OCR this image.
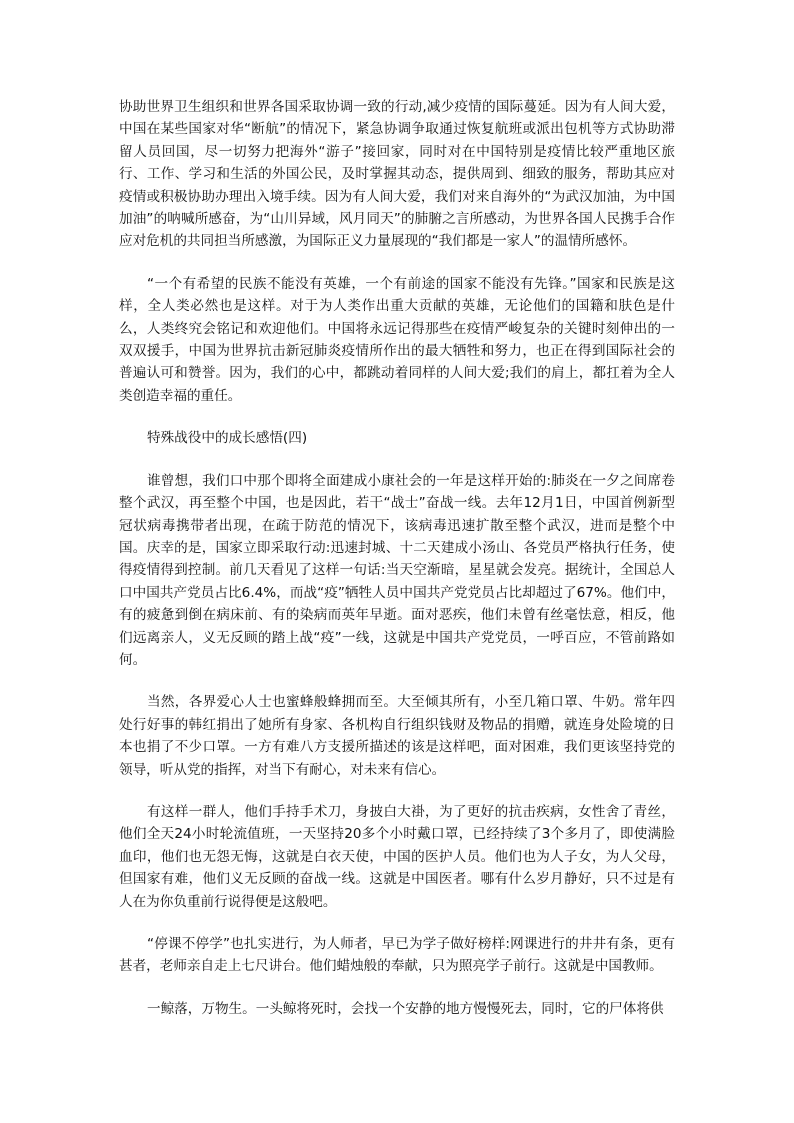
协助世界卫生组织和世界各国采取协调一致的行动,减少疫情的国际蔓延。因为有人间大爱，中国在某些国家对华“断航”的情况下，紧急协调争取通过恢复航班或派出包机等方式协助滞留人员回国，尽一切努力把海外“游子”接回家，同时对在中国特别是疫情比较严重地区旅行、工作、学习和生活的外国公民，及时掌握其动态，提供周到、细致的服务，帮助其应对疫情或积极协助办理出入境手续。因为有人间大爱，我们对来自海外的“为武汉加油，为中国加油”的呐喊所感奋，为“山川异域，风月同天”的肺腑之言所感动，为世界各国人民携手合作应对危机的共同担当所感激，为国际正义力量展现的“我们都是一家人”的温情所感怀。

“一个有希望的民族不能没有英雄，一个有前途的国家不能没有先锋。”国家和民族是这样，全人类必然也是这样。对于为人类作出重大贡献的英雄，无论他们的国籍和肤色是什么，人类终究会铭记和欢迎他们。中国将永远记得那些在疫情严峻复杂的关键时刻伸出的一双双援手，中国为世界抗击新冠肺炎疫情所作出的最大牺牲和努力，也正在得到国际社会的普遍认可和赞誉。因为，我们的心中，都跳动着同样的人间大爱;我们的肩上，都扛着为全人类创造幸福的重任。

特殊战役中的成长感悟(四)

谁曾想，我们口中那个即将全面建成小康社会的一年是这样开始的:肺炎在一夕之间席卷整个武汉，再至整个中国，也是因此，若干“战士”奋战一线。去年12月1日，中国首例新型冠状病毒携带者出现，在疏于防范的情况下，该病毒迅速扩散至整个武汉，进而是整个中国。庆幸的是，国家立即采取行动:迅速封城、十二天建成小汤山、各党员严格执行任务，使得疫情得到控制。前几天看见了这样一句话:当天空渐暗，星星就会发亮。据统计，全国总人口中国共产党员占比6.4%，而战“疫”牺牲人员中国共产党党员占比却超过了67%。他们中，有的疲惫到倒在病床前、有的染病而英年早逝。面对恶疾，他们未曾有丝毫怯意，相反，他们远离亲人，义无反顾的踏上战“疫”一线，这就是中国共产党党员，一呼百应，不管前路如何。

当然，各界爱心人士也蜜蜂般蜂拥而至。大至倾其所有，小至几箱口罩、牛奶。常年四处行好事的韩红捐出了她所有身家、各机构自行组织钱财及物品的捐赠，就连身处险境的日本也捐了不少口罩。一方有难八方支援所描述的该是这样吧，面对困难，我们更该坚持党的领导，听从党的指挥，对当下有耐心，对未来有信心。

有这样一群人，他们手持手术刀，身披白大褂，为了更好的抗击疾病，女性舍了青丝，他们全天24小时轮流值班，一天坚持20多个小时戴口罩，已经持续了3个多月了，即使满脸血印，他们也无怨无悔，这就是白衣天使，中国的医护人员。他们也为人子女，为人父母，但国家有难，他们义无反顾的奋战一线。这就是中国医者。哪有什么岁月静好，只不过是有人在为你负重前行说得便是这般吧。

“停课不停学”也扎实进行，为人师者，早已为学子做好榜样:网课进行的井井有条，更有甚者，老师亲自走上七尺讲台。他们蜡烛般的奉献，只为照亮学子前行。这就是中国教师。

一鲸落，万物生。一头鲸将死时，会找一个安静的地方慢慢死去，同时，它的尸体将供
